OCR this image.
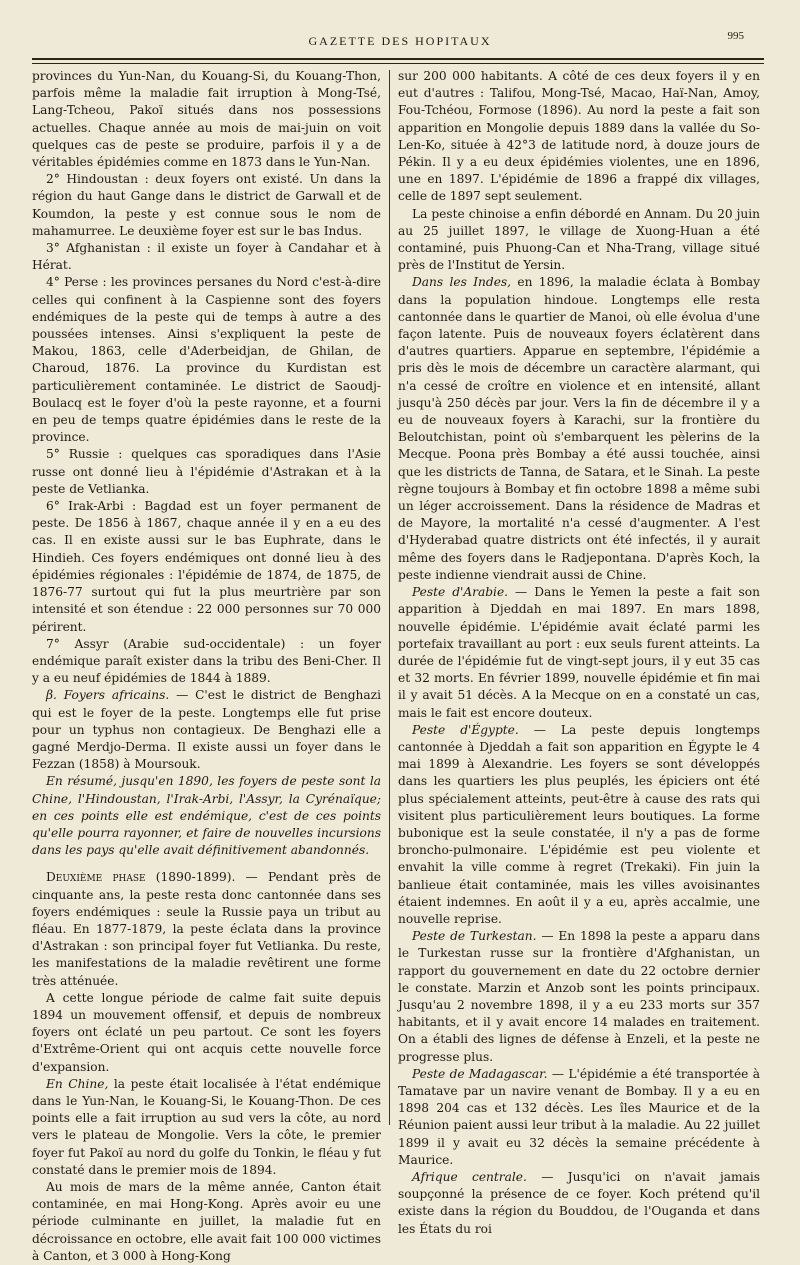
GAZETTE DES HOPITAUX	995

provinces du Yun-Nan, du Kouang-Si, du Kouang-Thon, parfois même la maladie fait irruption à Mong-Tsé, Lang-Tcheou, Pakoï situés dans nos possessions actuelles. Chaque année au mois de mai-juin on voit quelques cas de peste se produire, parfois il y a de véritables épidémies comme en 1873 dans le Yun-Nan.

2° Hindoustan : deux foyers ont existé. Un dans la région du haut Gange dans le district de Garwall et de Koumdon, la peste y est connue sous le nom de mahamurree. Le deuxième foyer est sur le bas Indus.

3° Afghanistan : il existe un foyer à Candahar et à Hérat.

4° Perse : les provinces persanes du Nord c'est-à-dire celles qui confinent à la Caspienne sont des foyers endémiques de la peste qui de temps à autre a des poussées intenses. Ainsi s'expliquent la peste de Makou, 1863, celle d'Aderbeidjan, de Ghilan, de Charoud, 1876. La province du Kurdistan est particulièrement contaminée. Le district de Saoudj-Boulacq est le foyer d'où la peste rayonne, et a fourni en peu de temps quatre épidémies dans le reste de la province.

5° Russie : quelques cas sporadiques dans l'Asie russe ont donné lieu à l'épidémie d'Astrakan et à la peste de Vetlianka.

6° Irak-Arbi : Bagdad est un foyer permanent de peste. De 1856 à 1867, chaque année il y en a eu des cas. Il en existe aussi sur le bas Euphrate, dans le Hindieh. Ces foyers endémiques ont donné lieu à des épidémies régionales : l'épidémie de 1874, de 1875, de 1876-77 surtout qui fut la plus meurtrière par son intensité et son étendue : 22 000 personnes sur 70 000 périrent.

7° Assyr (Arabie sud-occidentale) : un foyer endémique paraît exister dans la tribu des Beni-Cher. Il y a eu neuf épidémies de 1844 à 1889.

β. Foyers africains. — C'est le district de Benghazi qui est le foyer de la peste. Longtemps elle fut prise pour un typhus non contagieux. De Benghazi elle a gagné Merdjo-Derma. Il existe aussi un foyer dans le Fezzan (1858) à Moursouk.

En résumé, jusqu'en 1890, les foyers de peste sont la Chine, l'Hindoustan, l'Irak-Arbi, l'Assyr, la Cyrénaïque; en ces points elle est endémique, c'est de ces points qu'elle pourra rayonner, et faire de nouvelles incursions dans les pays qu'elle avait définitivement abandonnés.

Deuxième phase (1890-1899). — Pendant près de cinquante ans, la peste resta donc cantonnée dans ses foyers endémiques : seule la Russie paya un tribut au fléau. En 1877-1879, la peste éclata dans la province d'Astrakan : son principal foyer fut Vetlianka. Du reste, les manifestations de la maladie revêtirent une forme très atténuée.

A cette longue période de calme fait suite depuis 1894 un mouvement offensif, et depuis de nombreux foyers ont éclaté un peu partout. Ce sont les foyers d'Extrême-Orient qui ont acquis cette nouvelle force d'expansion.

En Chine, la peste était localisée à l'état endémique dans le Yun-Nan, le Kouang-Si, le Kouang-Thon. De ces points elle a fait irruption au sud vers la côte, au nord vers le plateau de Mongolie. Vers la côte, le premier foyer fut Pakoï au nord du golfe du Tonkin, le fléau y fut constaté dans le premier mois de 1894.

Au mois de mars de la même année, Canton était contaminée, en mai Hong-Kong. Après avoir eu une période culminante en juillet, la maladie fut en décroissance en octobre, elle avait fait 100 000 victimes à Canton, et 3 000 à Hong-Kong

sur 200 000 habitants. A côté de ces deux foyers il y en eut d'autres : Talifou, Mong-Tsé, Macao, Haï-Nan, Amoy, Fou-Tchéou, Formose (1896). Au nord la peste a fait son apparition en Mongolie depuis 1889 dans la vallée du So-Len-Ko, située à 42°3 de latitude nord, à douze jours de Pékin. Il y a eu deux épidémies violentes, une en 1896, une en 1897. L'épidémie de 1896 a frappé dix villages, celle de 1897 sept seulement.

La peste chinoise a enfin débordé en Annam. Du 20 juin au 25 juillet 1897, le village de Xuong-Huan a été contaminé, puis Phuong-Can et Nha-Trang, village situé près de l'Institut de Yersin.

Dans les Indes, en 1896, la maladie éclata à Bombay dans la population hindoue. Longtemps elle resta cantonnée dans le quartier de Manoi, où elle évolua d'une façon latente. Puis de nouveaux foyers éclatèrent dans d'autres quartiers. Apparue en septembre, l'épidémie a pris dès le mois de décembre un caractère alarmant, qui n'a cessé de croître en violence et en intensité, allant jusqu'à 250 décès par jour. Vers la fin de décembre il y a eu de nouveaux foyers à Karachi, sur la frontière du Beloutchistan, point où s'embarquent les pèlerins de la Mecque. Poona près Bombay a été aussi touchée, ainsi que les districts de Tanna, de Satara, et le Sinah. La peste règne toujours à Bombay et fin octobre 1898 a même subi un léger accroissement. Dans la résidence de Madras et de Mayore, la mortalité n'a cessé d'augmenter. A l'est d'Hyderabad quatre districts ont été infectés, il y aurait même des foyers dans le Radjepontana. D'après Koch, la peste indienne viendrait aussi de Chine.

Peste d'Arabie. — Dans le Yemen la peste a fait son apparition à Djeddah en mai 1897. En mars 1898, nouvelle épidémie. L'épidémie avait éclaté parmi les portefaix travaillant au port : eux seuls furent atteints. La durée de l'épidémie fut de vingt-sept jours, il y eut 35 cas et 32 morts. En février 1899, nouvelle épidémie et fin mai il y avait 51 décès. A la Mecque on en a constaté un cas, mais le fait est encore douteux.

Peste d'Égypte. — La peste depuis longtemps cantonnée à Djeddah a fait son apparition en Égypte le 4 mai 1899 à Alexandrie. Les foyers se sont développés dans les quartiers les plus peuplés, les épiciers ont été plus spécialement atteints, peut-être à cause des rats qui visitent plus particulièrement leurs boutiques. La forme bubonique est la seule constatée, il n'y a pas de forme broncho-pulmonaire. L'épidémie est peu violente et envahit la ville comme à regret (Trekaki). Fin juin la banlieue était contaminée, mais les villes avoisinantes étaient indemnes. En août il y a eu, après accalmie, une nouvelle reprise.

Peste de Turkestan. — En 1898 la peste a apparu dans le Turkestan russe sur la frontière d'Afghanistan, un rapport du gouvernement en date du 22 octobre dernier le constate. Marzin et Anzob sont les points principaux. Jusqu'au 2 novembre 1898, il y a eu 233 morts sur 357 habitants, et il y avait encore 14 malades en traitement. On a établi des lignes de défense à Enzeli, et la peste ne progresse plus.

Peste de Madagascar. — L'épidémie a été transportée à Tamatave par un navire venant de Bombay. Il y a eu en 1898 204 cas et 132 décès. Les îles Maurice et de la Réunion paient aussi leur tribut à la maladie. Au 22 juillet 1899 il y avait eu 32 décès la semaine précédente à Maurice.

Afrique centrale. — Jusqu'ici on n'avait jamais soupçonné la présence de ce foyer. Koch prétend qu'il existe dans la région du Bouddou, de l'Ouganda et dans les États du roi
